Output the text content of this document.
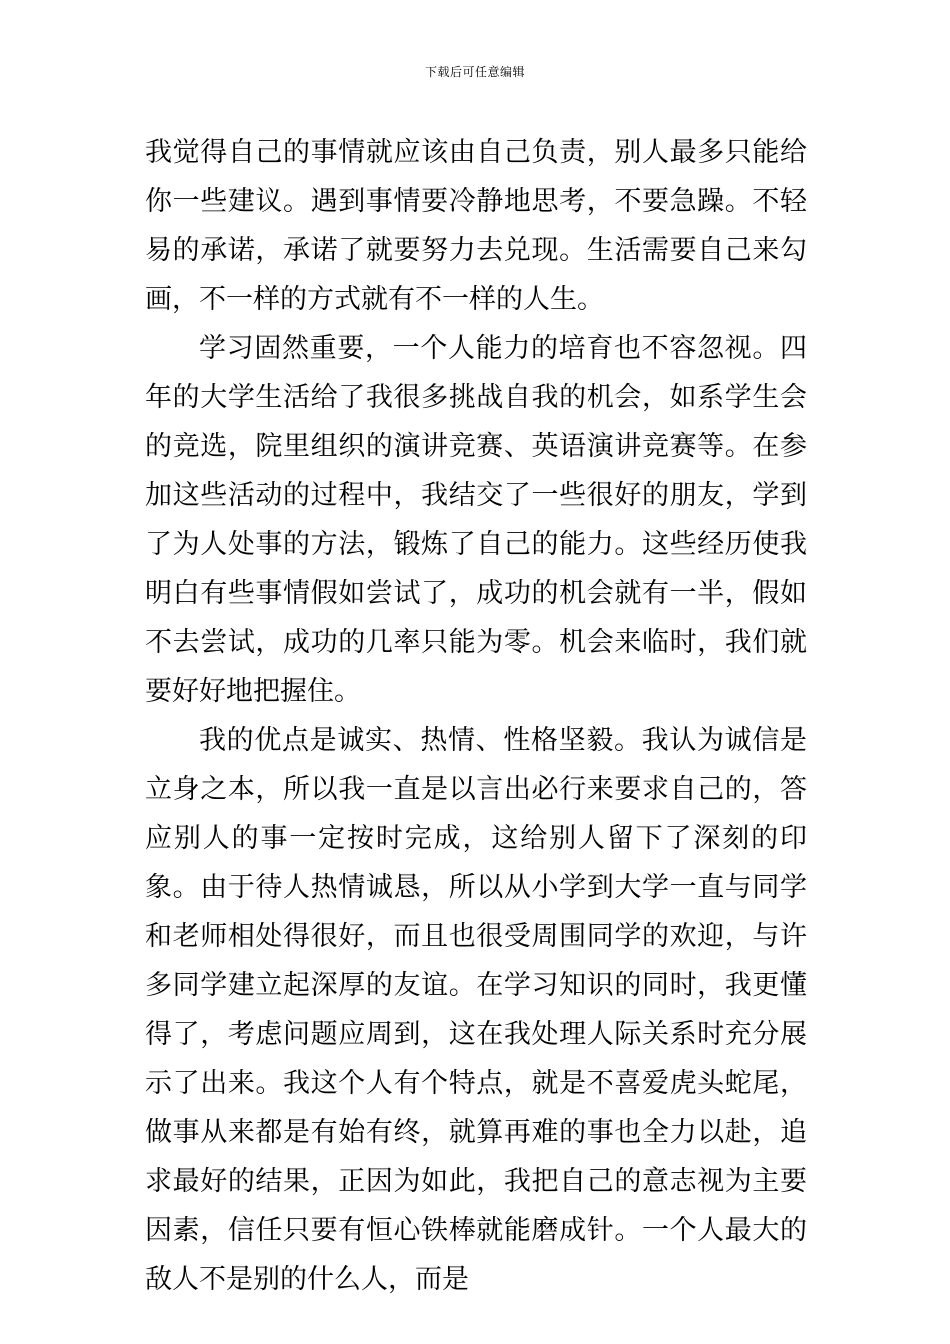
下载后可任意编辑

我觉得自己的事情就应该由自己负责，别人最多只能给你一些建议。遇到事情要冷静地思考，不要急躁。不轻易的承诺，承诺了就要努力去兑现。生活需要自己来勾画，不一样的方式就有不一样的人生。

学习固然重要，一个人能力的培育也不容忽视。四年的大学生活给了我很多挑战自我的机会，如系学生会的竞选，院里组织的演讲竞赛、英语演讲竞赛等。在参加这些活动的过程中，我结交了一些很好的朋友，学到了为人处事的方法，锻炼了自己的能力。这些经历使我明白有些事情假如尝试了，成功的机会就有一半，假如不去尝试，成功的几率只能为零。机会来临时，我们就要好好地把握住。

我的优点是诚实、热情、性格坚毅。我认为诚信是立身之本，所以我一直是以言出必行来要求自己的，答应别人的事一定按时完成，这给别人留下了深刻的印象。由于待人热情诚恳，所以从小学到大学一直与同学和老师相处得很好，而且也很受周围同学的欢迎，与许多同学建立起深厚的友谊。在学习知识的同时，我更懂得了，考虑问题应周到，这在我处理人际关系时充分展示了出来。我这个人有个特点，就是不喜爱虎头蛇尾，做事从来都是有始有终，就算再难的事也全力以赴，追求最好的结果，正因为如此，我把自己的意志视为主要因素，信任只要有恒心铁棒就能磨成针。一个人最大的敌人不是别的什么人，而是
